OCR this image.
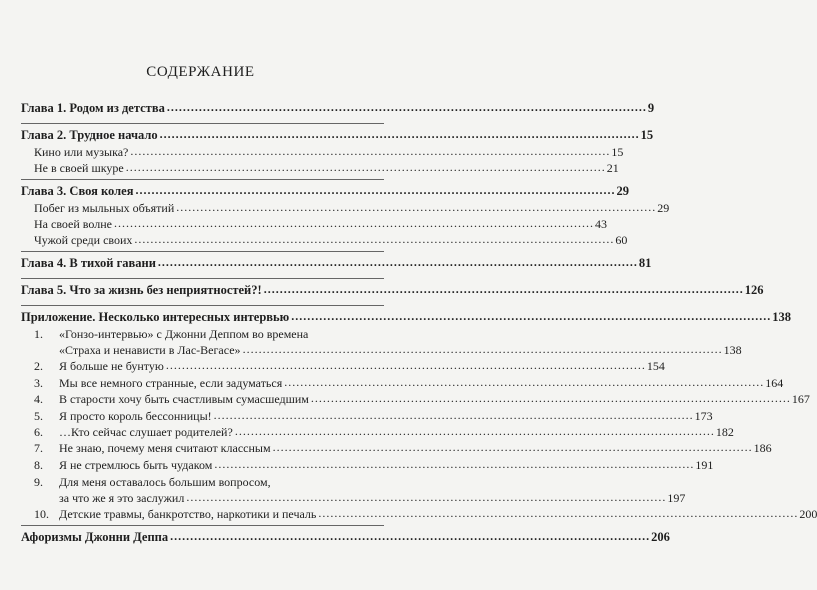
СОДЕРЖАНИЕ
Глава 1. Родом из детства ........................................................................................................................ 9
Глава 2. Трудное начало ........................................................................................................................ 15
Кино или музыка? ........................................................................................................................ 15
Не в своей шкуре ........................................................................................................................ 21
Глава 3. Своя колея ........................................................................................................................ 29
Побег из мыльных объятий ........................................................................................................................ 29
На своей волне ........................................................................................................................ 43
Чужой среди своих ........................................................................................................................ 60
Глава 4. В тихой гавани ........................................................................................................................ 81
Глава 5. Что за жизнь без неприятностей?! ........................................................................................................................ 126
Приложение. Несколько интересных интервью ........................................................................................................................ 138
1. «Гонзо-интервью» с Джонни Деппом во времена
«Страха и ненависти в Лас-Вегасе» ........................................................................................................................ 138
2. Я больше не бунтую ........................................................................................................................ 154
3. Мы все немного странные, если задуматься ........................................................................................................................ 164
4. В старости хочу быть счастливым сумасшедшим ........................................................................................................................ 167
5. Я просто король бессонницы! ........................................................................................................................ 173
6. …Кто сейчас слушает родителей? ........................................................................................................................ 182
7. Не знаю, почему меня считают классным ........................................................................................................................ 186
8. Я не стремлюсь быть чудаком ........................................................................................................................ 191
9. Для меня оставалось большим вопросом,
за что же я это заслужил ........................................................................................................................ 197
10. Детские травмы, банкротство, наркотики и печаль ........................................................................................................................ 200
Афоризмы Джонни Деппа ........................................................................................................................ 206
